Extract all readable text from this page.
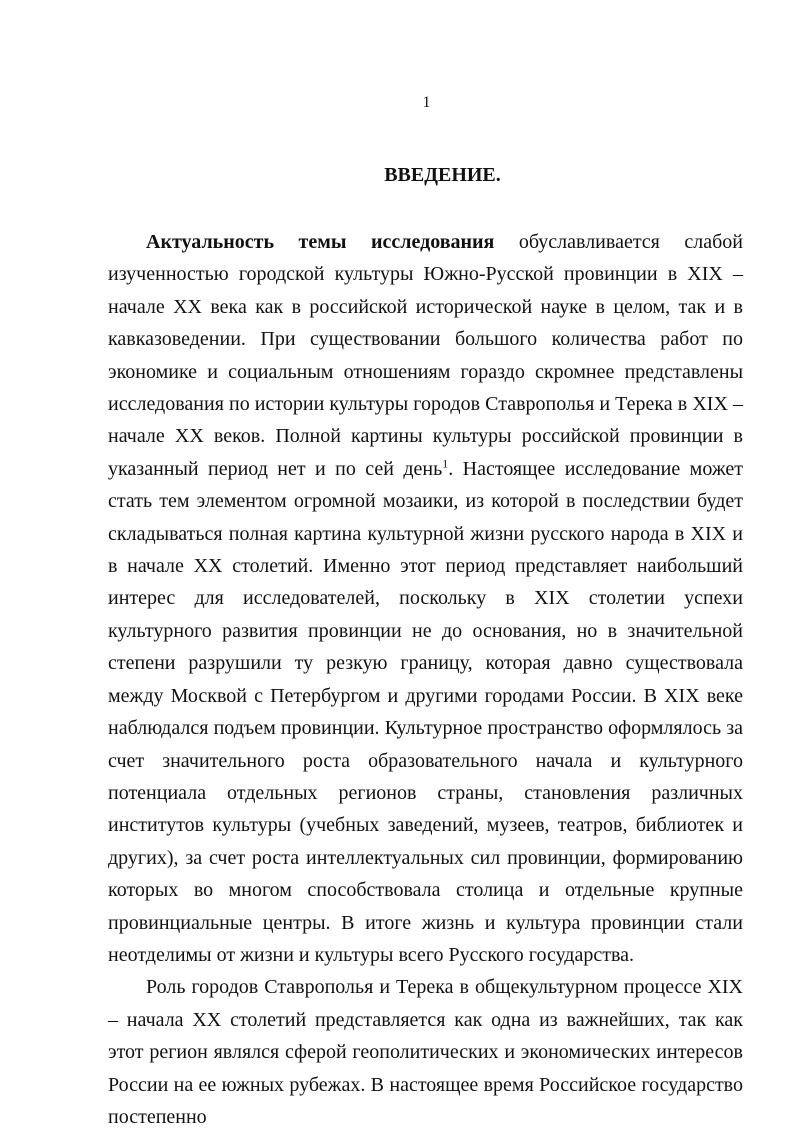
1
ВВЕДЕНИЕ.

Актуальность темы исследования обуславливается слабой изученностью городской культуры Южно-Русской провинции в XIX – начале XX века как в российской исторической науке в целом, так и в кавказоведении. При существовании большого количества работ по экономике и социальным отношениям гораздо скромнее представлены исследования по истории культуры городов Ставрополья и Терека в XIX – начале XX веков. Полной картины культуры российской провинции в указанный период нет и по сей день$^1$. Настоящее исследование может стать тем элементом огромной мозаики, из которой в последствии будет складываться полная картина культурной жизни русского народа в XIX и в начале XX столетий. Именно этот период представляет наибольший интерес для исследователей, поскольку в XIX столетии успехи культурного развития провинции не до основания, но в значительной степени разрушили ту резкую границу, которая давно существовала между Москвой с Петербургом и другими городами России. В XIX веке наблюдался подъем провинции. Культурное пространство оформлялось за счет значительного роста образовательного начала и культурного потенциала отдельных регионов страны, становления различных институтов культуры (учебных заведений, музеев, театров, библиотек и других), за счет роста интеллектуальных сил провинции, формированию которых во многом способствовала столица и отдельные крупные провинциальные центры. В итоге жизнь и культура провинции стали неотделимы от жизни и культуры всего Русского государства.

Роль городов Ставрополья и Терека в общекультурном процессе XIX – начала XX столетий представляется как одна из важнейших, так как этот регион являлся сферой геополитических и экономических интересов России на ее южных рубежах. В настоящее время Российское государство постепенно
